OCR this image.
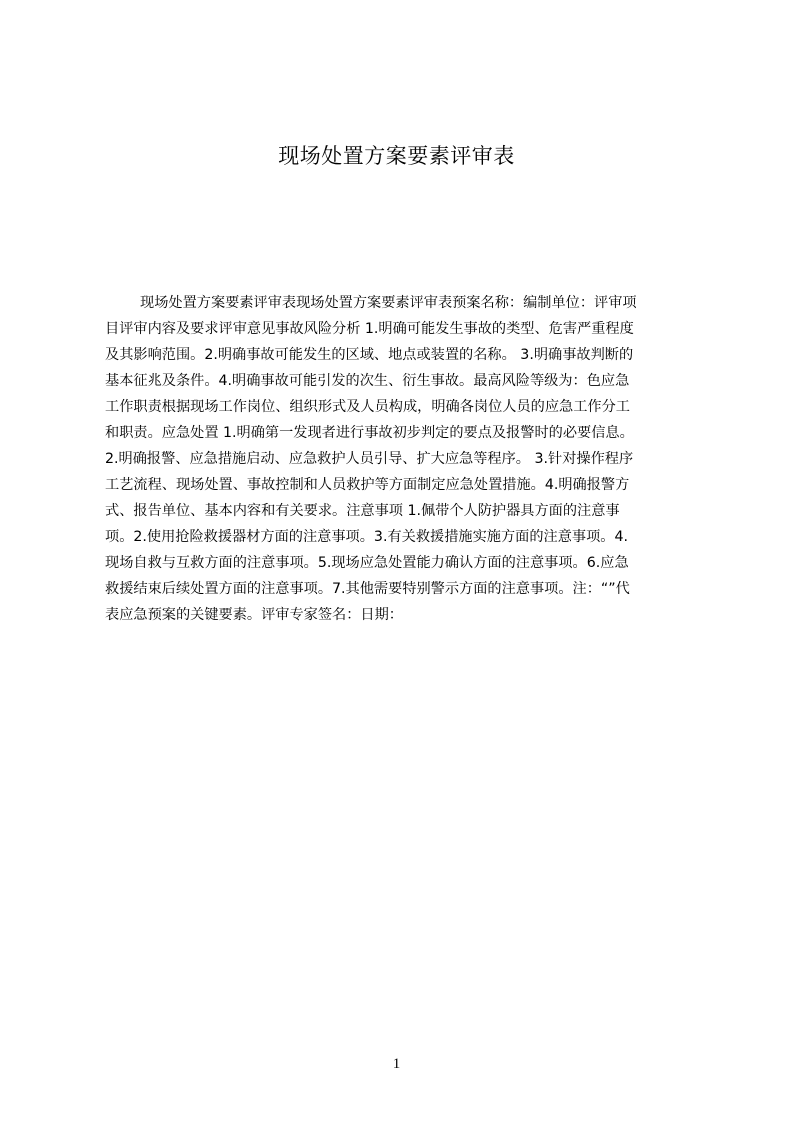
现场处置方案要素评审表
现场处置方案要素评审表现场处置方案要素评审表预案名称：编制单位：评审项
目评审内容及要求评审意见事故风险分析 1.明确可能发生事故的类型、危害严重程度
及其影响范围。2.明确事故可能发生的区域、地点或装置的名称。 3.明确事故判断的
基本征兆及条件。4.明确事故可能引发的次生、衍生事故。最高风险等级为：色应急
工作职责根据现场工作岗位、组织形式及人员构成，明确各岗位人员的应急工作分工
和职责。应急处置 1.明确第一发现者进行事故初步判定的要点及报警时的必要信息。
2.明确报警、应急措施启动、应急救护人员引导、扩大应急等程序。 3.针对操作程序
工艺流程、现场处置、事故控制和人员救护等方面制定应急处置措施。4.明确报警方
式、报告单位、基本内容和有关要求。注意事项 1.佩带个人防护器具方面的注意事
项。2.使用抢险救援器材方面的注意事项。3.有关救援措施实施方面的注意事项。4.
现场自救与互救方面的注意事项。5.现场应急处置能力确认方面的注意事项。6.应急
救援结束后续处置方面的注意事项。7.其他需要特别警示方面的注意事项。注：“”代
表应急预案的关键要素。评审专家签名：日期：
1
